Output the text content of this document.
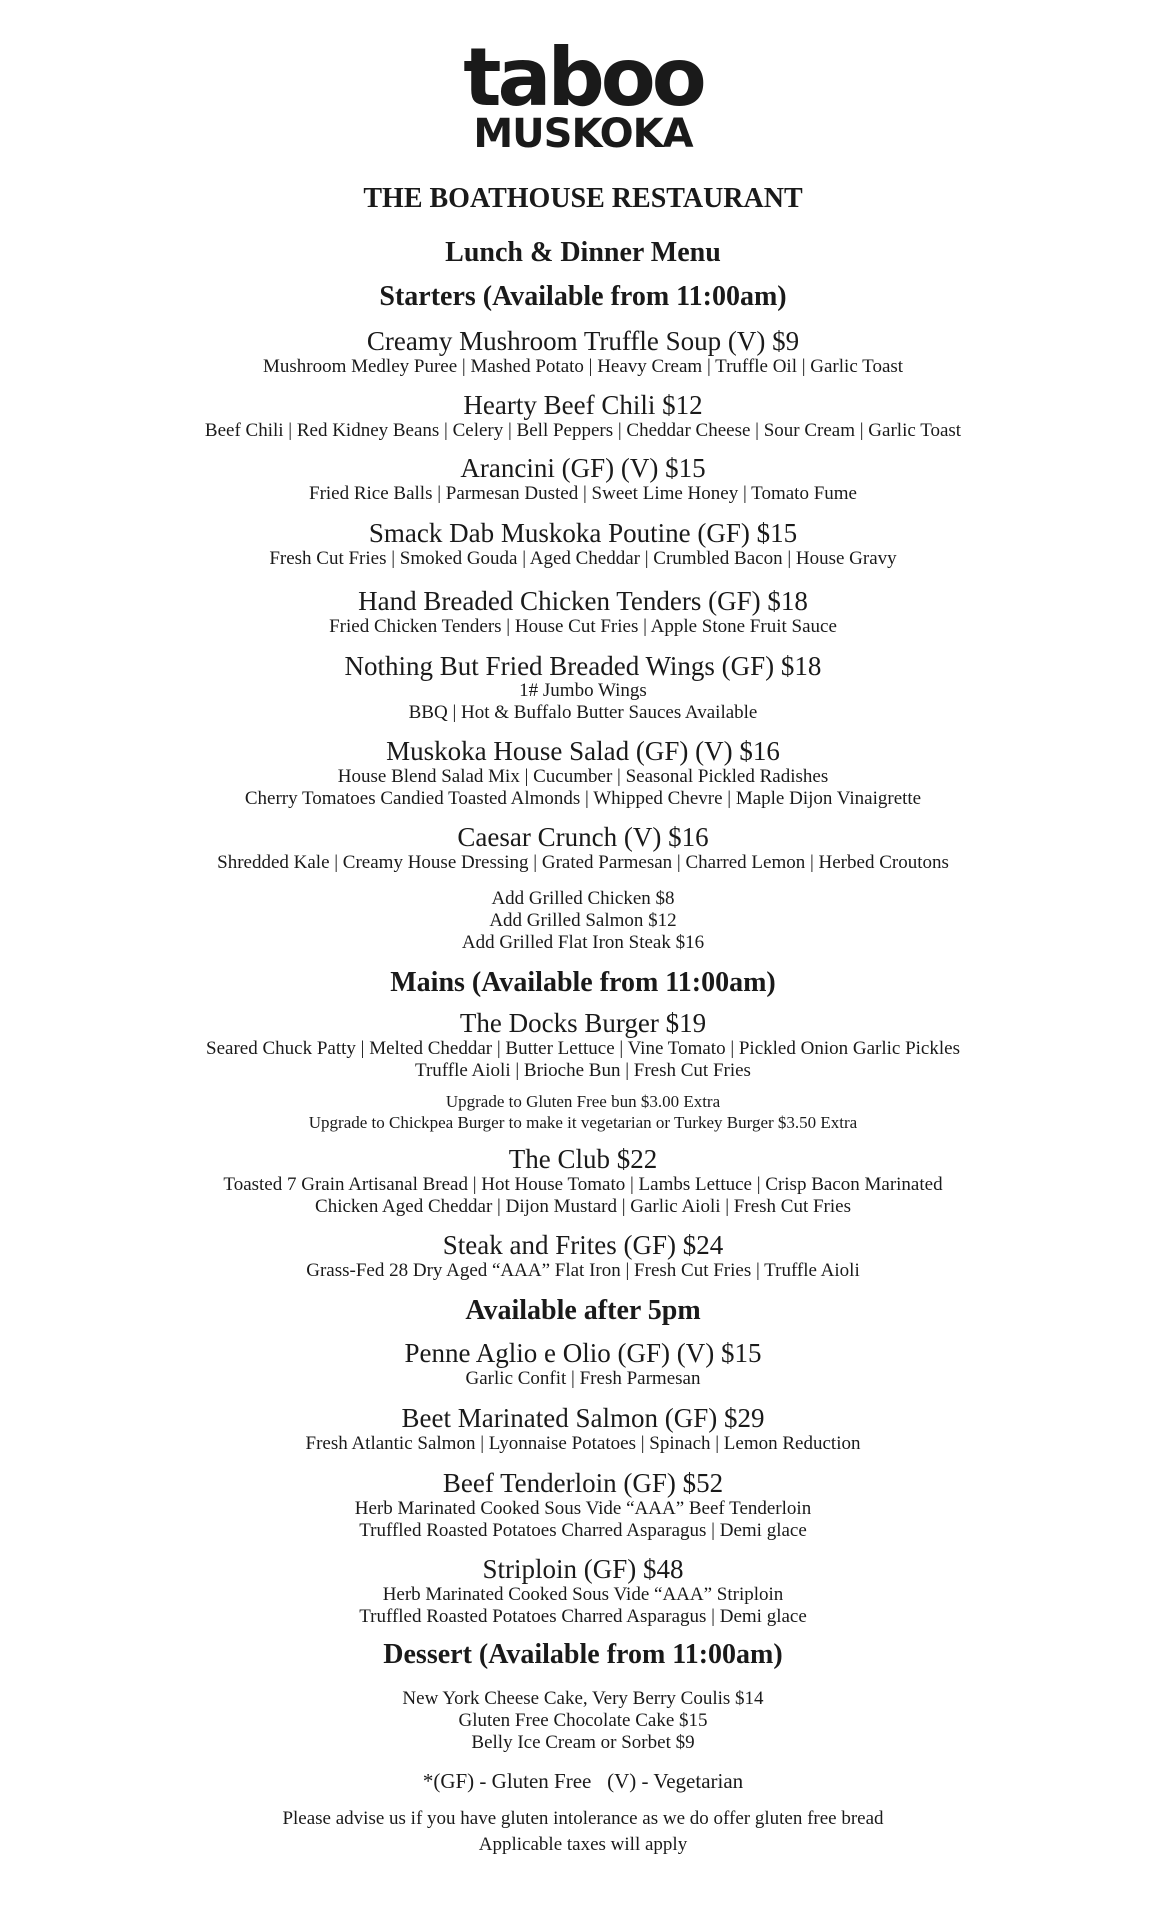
taboo
MUSKOKA
THE BOATHOUSE RESTAURANT
Lunch & Dinner Menu
Starters (Available from 11:00am)
Creamy Mushroom Truffle Soup (V) $9
Mushroom Medley Puree | Mashed Potato | Heavy Cream | Truffle Oil | Garlic Toast
Hearty Beef Chili $12
Beef Chili | Red Kidney Beans | Celery | Bell Peppers | Cheddar Cheese | Sour Cream | Garlic Toast
Arancini (GF) (V) $15
Fried Rice Balls | Parmesan Dusted | Sweet Lime Honey | Tomato Fume
Smack Dab Muskoka Poutine (GF) $15
Fresh Cut Fries | Smoked Gouda | Aged Cheddar | Crumbled Bacon | House Gravy
Hand Breaded Chicken Tenders (GF) $18
Fried Chicken Tenders | House Cut Fries | Apple Stone Fruit Sauce
Nothing But Fried Breaded Wings (GF) $18
1# Jumbo Wings
BBQ | Hot & Buffalo Butter Sauces Available
Muskoka House Salad (GF) (V) $16
House Blend Salad Mix | Cucumber | Seasonal Pickled Radishes
Cherry Tomatoes Candied Toasted Almonds | Whipped Chevre | Maple Dijon Vinaigrette
Caesar Crunch (V) $16
Shredded Kale | Creamy House Dressing | Grated Parmesan | Charred Lemon | Herbed Croutons
Add Grilled Chicken $8
Add Grilled Salmon $12
Add Grilled Flat Iron Steak $16
Mains (Available from 11:00am)
The Docks Burger $19
Seared Chuck Patty | Melted Cheddar | Butter Lettuce | Vine Tomato | Pickled Onion Garlic Pickles
Truffle Aioli | Brioche Bun | Fresh Cut Fries
Upgrade to Gluten Free bun $3.00 Extra
Upgrade to Chickpea Burger to make it vegetarian or Turkey Burger $3.50 Extra
The Club $22
Toasted 7 Grain Artisanal Bread | Hot House Tomato | Lambs Lettuce | Crisp Bacon Marinated
Chicken Aged Cheddar | Dijon Mustard | Garlic Aioli | Fresh Cut Fries
Steak and Frites (GF) $24
Grass-Fed 28 Dry Aged “AAA” Flat Iron | Fresh Cut Fries | Truffle Aioli
Available after 5pm
Penne Aglio e Olio (GF) (V) $15
Garlic Confit | Fresh Parmesan
Beet Marinated Salmon (GF) $29
Fresh Atlantic Salmon | Lyonnaise Potatoes | Spinach | Lemon Reduction
Beef Tenderloin (GF) $52
Herb Marinated Cooked Sous Vide “AAA” Beef Tenderloin
Truffled Roasted Potatoes Charred Asparagus | Demi glace
Striploin (GF) $48
Herb Marinated Cooked Sous Vide “AAA” Striploin
Truffled Roasted Potatoes Charred Asparagus | Demi glace
Dessert (Available from 11:00am)
New York Cheese Cake, Very Berry Coulis $14
Gluten Free Chocolate Cake $15
Belly Ice Cream or Sorbet $9
*(GF) - Gluten Free   (V) - Vegetarian
Please advise us if you have gluten intolerance as we do offer gluten free bread
Applicable taxes will apply
